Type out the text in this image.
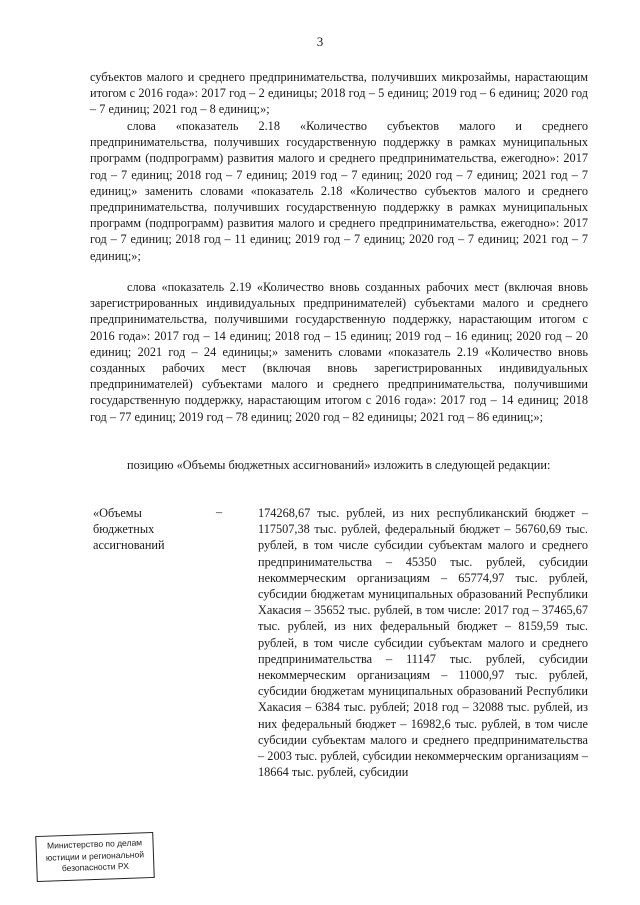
3

субъектов малого и среднего предпринимательства, получивших микрозаймы, нарастающим итогом с 2016 года»: 2017 год – 2 единицы; 2018 год – 5 единиц; 2019 год – 6 единиц; 2020 год – 7 единиц; 2021 год – 8 единиц;»;

слова «показатель 2.18 «Количество субъектов малого и среднего предпринимательства, получивших государственную поддержку в рамках муниципальных программ (подпрограмм) развития малого и среднего предпринимательства, ежегодно»: 2017 год – 7 единиц; 2018 год – 7 единиц; 2019 год – 7 единиц; 2020 год – 7 единиц; 2021 год – 7 единиц;» заменить словами «показатель 2.18 «Количество субъектов малого и среднего предпринимательства, получивших государственную поддержку в рамках муниципальных программ (подпрограмм) развития малого и среднего предпринимательства, ежегодно»: 2017 год – 7 единиц; 2018 год – 11 единиц; 2019 год – 7 единиц; 2020 год – 7 единиц; 2021 год – 7 единиц;»;

слова «показатель 2.19 «Количество вновь созданных рабочих мест (включая вновь зарегистрированных индивидуальных предпринимателей) субъектами малого и среднего предпринимательства, получившими государственную поддержку, нарастающим итогом с 2016 года»: 2017 год – 14 единиц; 2018 год – 15 единиц; 2019 год – 16 единиц; 2020 год – 20 единиц; 2021 год – 24 единицы;» заменить словами «показатель 2.19 «Количество вновь созданных рабочих мест (включая вновь зарегистрированных индивидуальных предпринимателей) субъектами малого и среднего предпринимательства, получившими государственную поддержку, нарастающим итогом с 2016 года»: 2017 год – 14 единиц; 2018 год – 77 единиц; 2019 год – 78 единиц; 2020 год – 82 единицы; 2021 год – 86 единиц;»;

позицию «Объемы бюджетных ассигнований» изложить в следующей редакции:

«Объемы бюджетных ассигнований
–	174268,67 тыс. рублей, из них республиканский бюджет – 117507,38 тыс. рублей, федеральный бюджет – 56760,69 тыс. рублей, в том числе субсидии субъектам малого и среднего предпринимательства – 45350 тыс. рублей, субсидии некоммерческим организациям – 65774,97 тыс. рублей, субсидии бюджетам муниципальных образований Республики Хакасия – 35652 тыс. рублей, в том числе: 2017 год – 37465,67 тыс. рублей, из них федеральный бюджет – 8159,59 тыс. рублей, в том числе субсидии субъектам малого и среднего предпринимательства – 11147 тыс. рублей, субсидии некоммерческим организациям – 11000,97 тыс. рублей, субсидии бюджетам муниципальных образований Республики Хакасия – 6384 тыс. рублей; 2018 год – 32088 тыс. рублей, из них федеральный бюджет – 16982,6 тыс. рублей, в том числе субсидии субъектам малого и среднего предпринимательства – 2003 тыс. рублей, субсидии некоммерческим организациям – 18664 тыс. рублей, субсидии
Министерство по делам
юстиции и региональной
безопасности РХ
